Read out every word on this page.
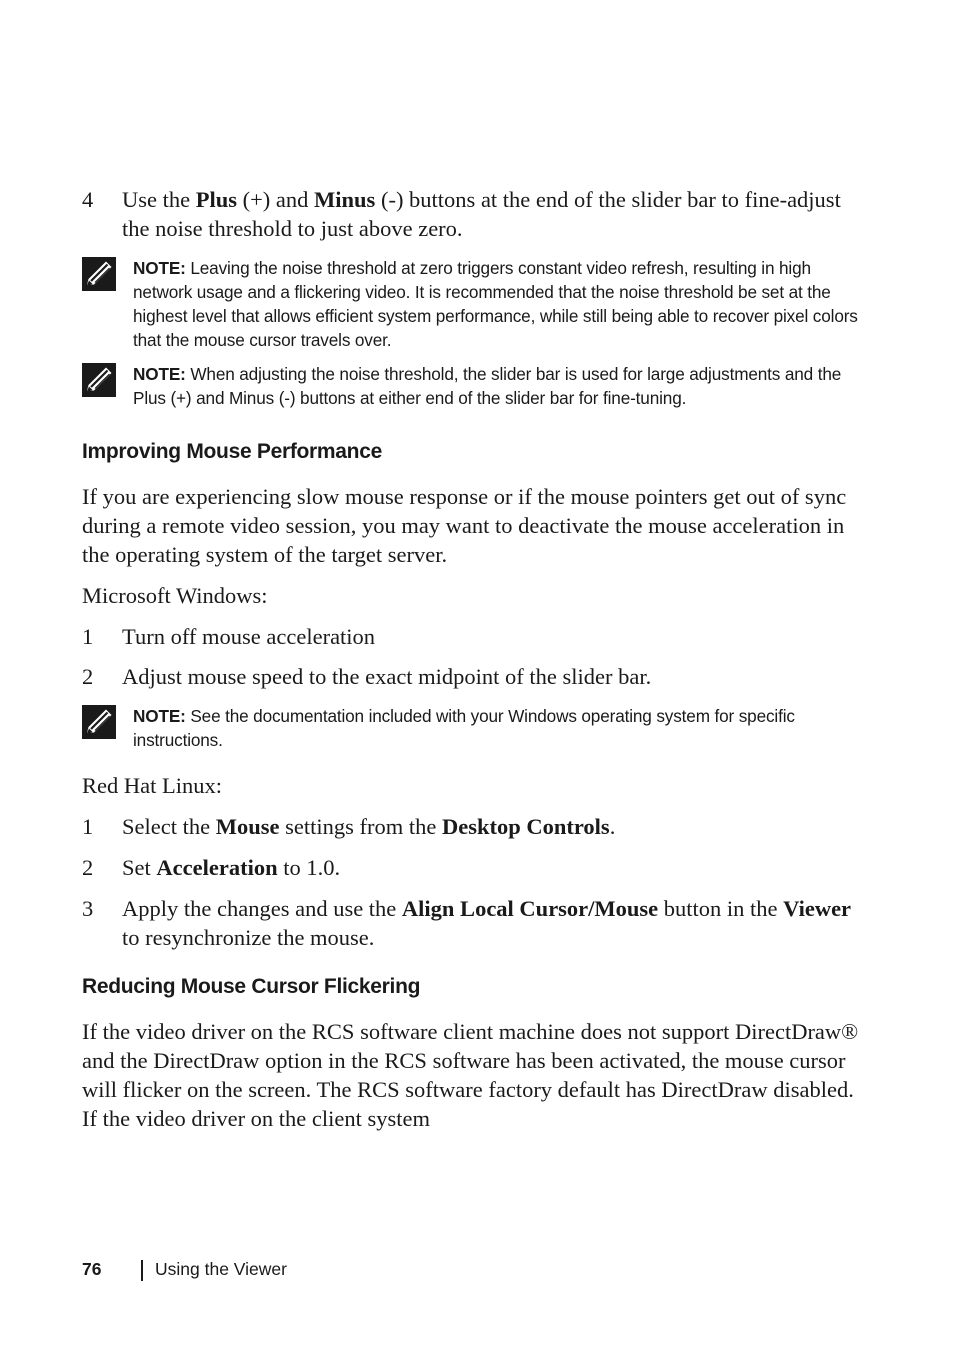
4 Use the Plus (+) and Minus (-) buttons at the end of the slider bar to fine-adjust the noise threshold to just above zero.
NOTE: Leaving the noise threshold at zero triggers constant video refresh, resulting in high network usage and a flickering video. It is recommended that the noise threshold be set at the highest level that allows efficient system performance, while still being able to recover pixel colors that the mouse cursor travels over.
NOTE: When adjusting the noise threshold, the slider bar is used for large adjustments and the Plus (+) and Minus (-) buttons at either end of the slider bar for fine-tuning.
Improving Mouse Performance
If you are experiencing slow mouse response or if the mouse pointers get out of sync during a remote video session, you may want to deactivate the mouse acceleration in the operating system of the target server.
Microsoft Windows:
1 Turn off mouse acceleration
2 Adjust mouse speed to the exact midpoint of the slider bar.
NOTE: See the documentation included with your Windows operating system for specific instructions.
Red Hat Linux:
1 Select the Mouse settings from the Desktop Controls.
2 Set Acceleration to 1.0.
3 Apply the changes and use the Align Local Cursor/Mouse button in the Viewer to resynchronize the mouse.
Reducing Mouse Cursor Flickering
If the video driver on the RCS software client machine does not support DirectDraw® and the DirectDraw option in the RCS software has been activated, the mouse cursor will flicker on the screen. The RCS software factory default has DirectDraw disabled. If the video driver on the client system
76	Using the Viewer
